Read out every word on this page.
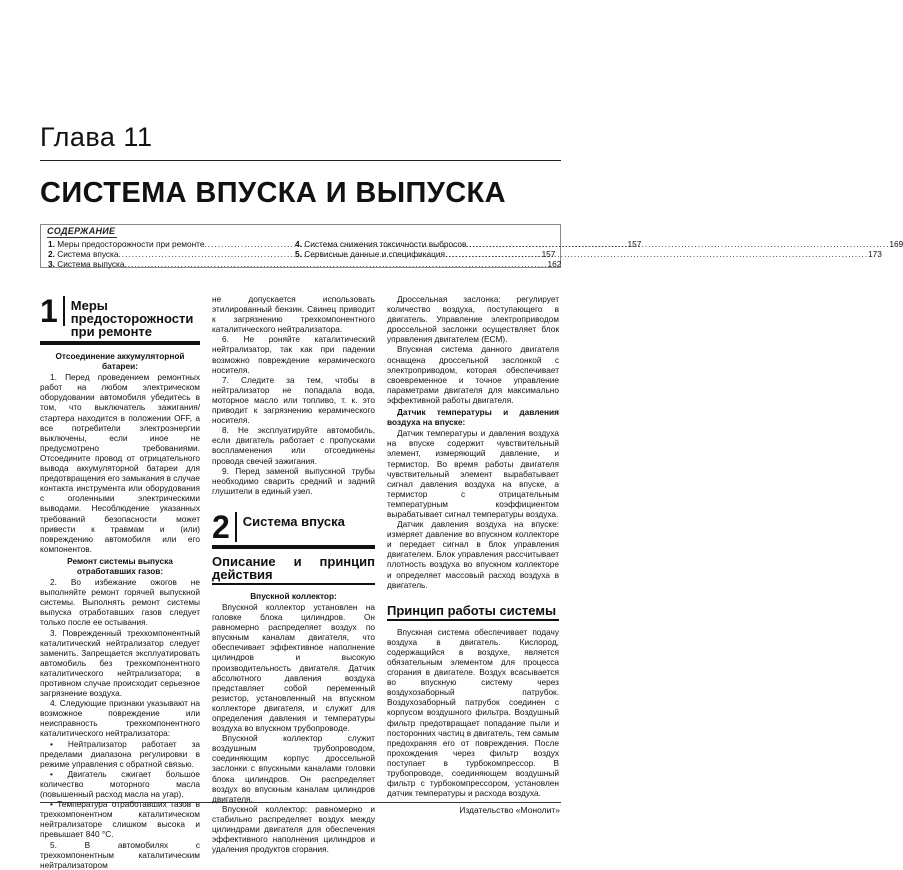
Глава 11
СИСТЕМА ВПУСКА И ВЫПУСКА
СОДЕРЖАНИЕ
1.
Меры предосторожности при ремонте .....	157
2.
Система впуска .....	157
3.
Система выпуска .....	162
4.
Система снижения токсичности выбросов .....	169
5.
Сервисные данные и спецификация .....	173
1	Меры предосторожности при ремонте

Отсоединение аккумуляторной батареи:

1. Перед проведением ремонтных работ на любом электрическом оборудовании автомобиля убедитесь в том, что выключатель зажигания/стартера находится в положении OFF, а все потребители электроэнергии выключены, если иное не предусмотрено требованиями. Отсоедините провод от отрицательного вывода аккумуляторной батареи для предотвращения его замыкания в случае контакта инструмента или оборудования с оголенными электрическими выводами. Несоблюдение указанных требований безопасности может привести к травмам и (или) повреждению автомобиля или его компонентов.

Ремонт системы выпуска отработавших газов:

2. Во избежание ожогов не выполняйте ремонт горячей выпускной системы. Выполнять ремонт системы выпуска отработавших газов следует только после ее остывания.

3. Поврежденный трехкомпонентный каталитический нейтрализатор следует заменить. Запрещается эксплуатировать автомобиль без трехкомпонентного каталитического нейтрализатора; в противном случае происходит серьезное загрязнение воздуха.

4. Следующие признаки указывают на возможное повреждение или неисправность трехкомпонентного каталитического нейтрализатора:

• Нейтрализатор работает за пределами диапазона регулировки в режиме управления с обратной связью.

• Двигатель сжигает большое количество моторного масла (повышенный расход масла на угар).

• Температура отработавших газов в трехкомпонентном каталитическом нейтрализаторе слишком высока и превышает 840 °С.

5. В автомобилях с трехкомпонентным каталитическим нейтрализатором

не допускается использовать этилированный бензин. Свинец приводит к загрязнению трехкомпонентного каталитического нейтрализатора.

6. Не роняйте каталитический нейтрализатор, так как при падении возможно повреждение керамического носителя.

7. Следите за тем, чтобы в нейтрализатор не попадала вода, моторное масло или топливо, т. к. это приводит к загрязнению керамического носителя.

8. Не эксплуатируйте автомобиль, если двигатель работает с пропусками воспламенения или отсоединены провода свечей зажигания.

9. Перед заменой выпускной трубы необходимо сварить средний и задний глушители в единый узел.

2	Система впуска
Описание и принцип действия

Впускной коллектор:

Впускной коллектор установлен на головке блока цилиндров. Он равномерно распределяет воздух по впускным каналам двигателя, что обеспечивает эффективное наполнение цилиндров и высокую производительность двигателя. Датчик абсолютного давления воздуха представляет собой переменный резистор, установленный на впускном коллекторе двигателя, и служит для определения давления и температуры воздуха во впускном трубопроводе.

Впускной коллектор служит воздушным трубопроводом, соединяющим корпус дроссельной заслонки с впускными каналами головки блока цилиндров. Он распределяет воздух во впускным каналам цилиндров двигателя.

Впускной коллектор: равномерно и стабильно распределяет воздух между цилиндрами двигателя для обеспечения эффективного наполнения цилиндров и удаления продуктов сгорания.

Дроссельная заслонка: регулирует количество воздуха, поступающего в двигатель. Управление электроприводом дроссельной заслонки осуществляет блок управления двигателем (ECM).

Впускная система данного двигателя оснащена дроссельной заслонкой с электроприводом, которая обеспечивает своевременное и точное управление параметрами двигателя для максимально эффективной работы двигателя.

Датчик температуры и давления воздуха на впуске:

Датчик температуры и давления воздуха на впуске содержит чувствительный элемент, измеряющий давление, и термистор. Во время работы двигателя чувствительный элемент вырабатывает сигнал давления воздуха на впуске, а термистор с отрицательным температурным коэффициентом вырабатывает сигнал температуры воздуха.

Датчик давления воздуха на впуске: измеряет давление во впускном коллекторе и передает сигнал в блок управления двигателем. Блок управления рассчитывает плотность воздуха во впускном коллекторе и определяет массовый расход воздуха в двигатель.

Принцип работы системы

Впускная система обеспечивает подачу воздуха в двигатель. Кислород, содержащийся в воздухе, является обязательным элементом для процесса сгорания в двигателе. Воздух всасывается во впускную систему через воздухозаборный патрубок. Воздухозаборный патрубок соединен с корпусом воздушного фильтра. Воздушный фильтр предотвращает попадание пыли и посторонних частиц в двигатель, тем самым предохраняя его от повреждения. После прохождения через фильтр воздух поступает в турбокомпрессор. В трубопроводе, соединяющем воздушный фильтр с турбокомпрессором, установлен датчик температуры и расхода воздуха.

Издательство «Монолит»
